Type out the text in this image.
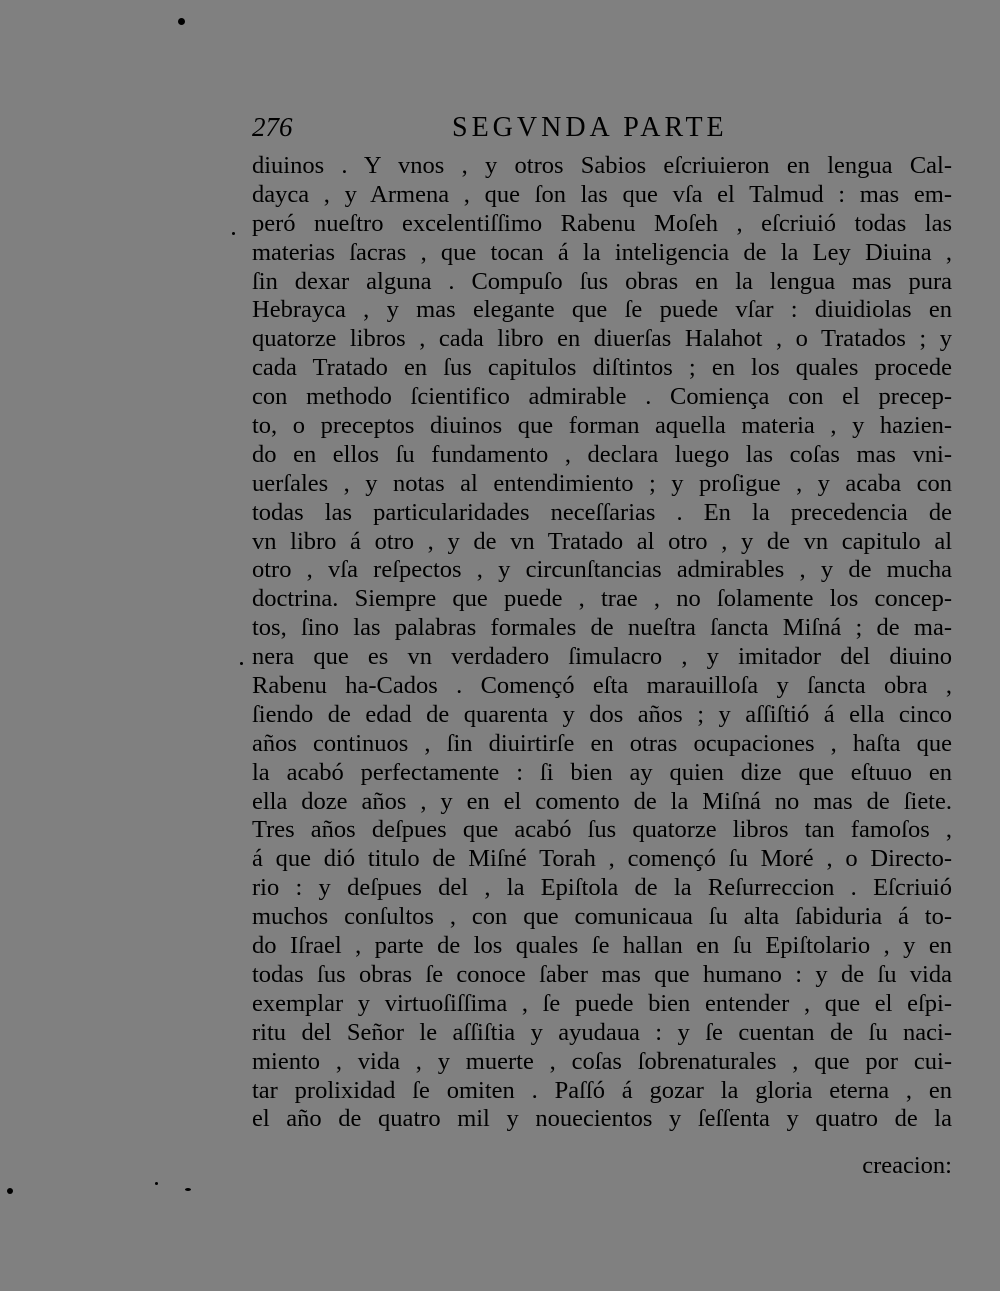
276	SEGVNDA PARTE
diuinos . Y vnos , y otros Sabios eſcriuieron en lengua Cal-
dayca , y Armena , que ſon las que vſa el Talmud : mas em-
peró nueſtro excelentiſſimo Rabenu Moſeh , eſcriuió todas las
materias ſacras , que tocan á la inteligencia de la Ley Diuina ,
ſin dexar alguna . Compuſo ſus obras en la lengua mas pura
Hebrayca , y mas elegante que ſe puede vſar : diuidiolas en
quatorze libros , cada libro en diuerſas Halahot , o Tratados ; y
cada Tratado en ſus capitulos diſtintos ; en los quales procede
con methodo ſcientifico admirable . Comiença con el precep-
to, o preceptos diuinos que forman aquella materia , y hazien-
do en ellos ſu fundamento , declara luego las coſas mas vni-
uerſales , y notas al entendimiento ; y proſigue , y acaba con
todas las particularidades neceſſarias . En la precedencia de
vn libro á otro , y de vn Tratado al otro , y de vn capitulo al
otro , vſa reſpectos , y circunſtancias admirables , y de mucha
doctrina. Siempre que puede , trae , no ſolamente los concep-
tos, ſino las palabras formales de nueſtra ſancta Miſná ; de ma-
nera que es vn verdadero ſimulacro , y imitador del diuino
Rabenu ha-Cados . Començó eſta marauilloſa y ſancta obra ,
ſiendo de edad de quarenta y dos años ; y aſſiſtió á ella cinco
años continuos , ſin diuirtirſe en otras ocupaciones , haſta que
la acabó perfectamente : ſi bien ay quien dize que eſtuuo en
ella doze años , y en el comento de la Miſná no mas de ſiete.
Tres años deſpues que acabó ſus quatorze libros tan famoſos ,
á que dió titulo de Miſné Torah , començó ſu Moré , o Directo-
rio : y deſpues del , la Epiſtola de la Reſurreccion . Eſcriuió
muchos conſultos , con que comunicaua ſu alta ſabiduria á to-
do Iſrael , parte de los quales ſe hallan en ſu Epiſtolario , y en
todas ſus obras ſe conoce ſaber mas que humano : y de ſu vida
exemplar y virtuoſiſſima , ſe puede bien entender , que el eſpi-
ritu del Señor le aſſiſtia y ayudaua : y ſe cuentan de ſu naci-
miento , vida , y muerte , coſas ſobrenaturales , que por cui-
tar prolixidad ſe omiten . Paſſó á gozar la gloria eterna , en
el año de quatro mil y nouecientos y ſeſſenta y quatro de la
creacion:
